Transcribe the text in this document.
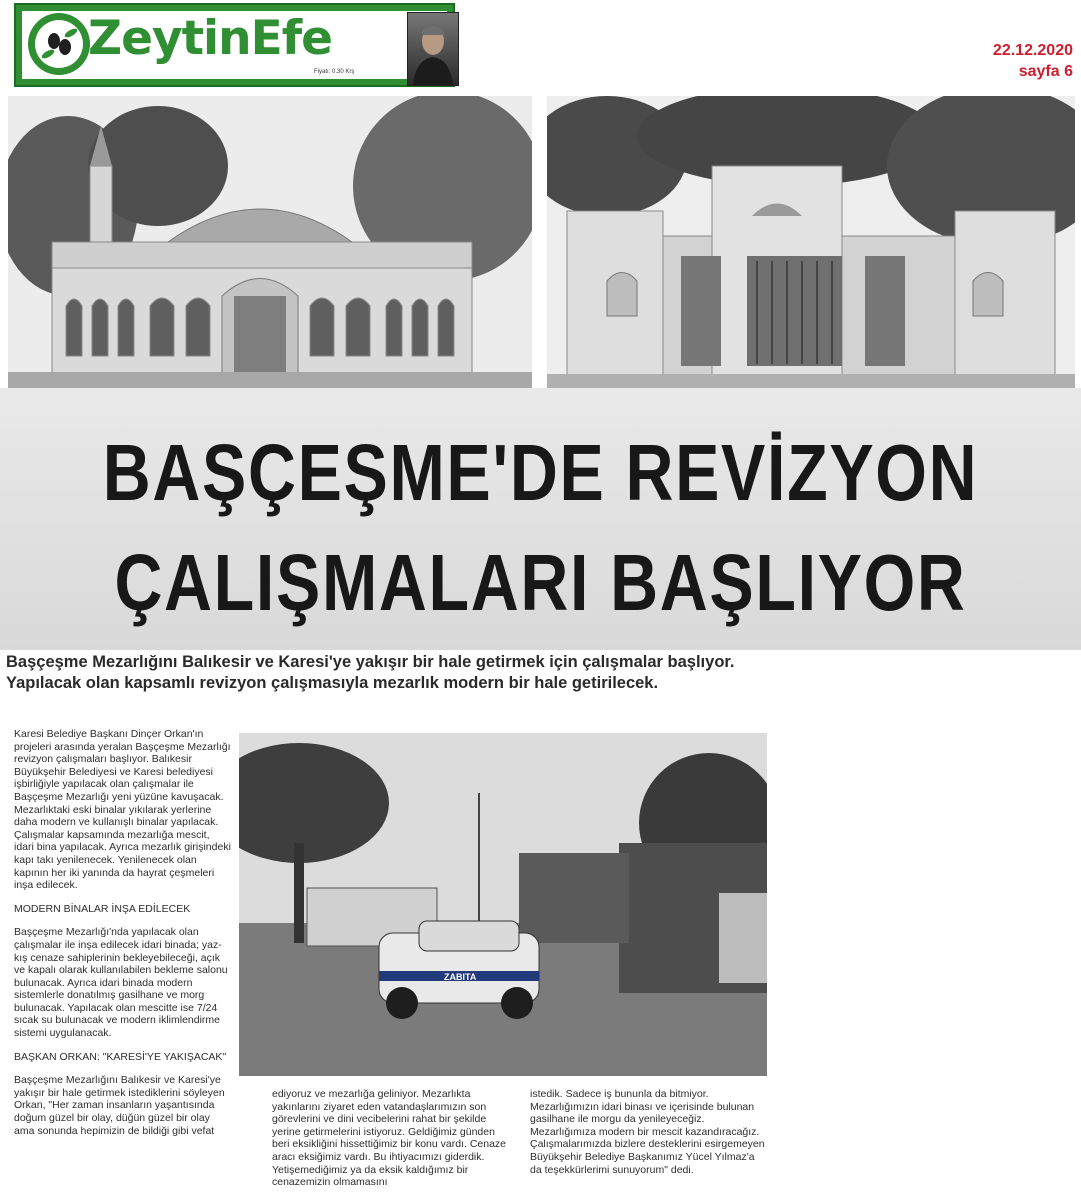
ZeytinEfe
Fiyatı: 0.30 Krş
22.12.2020
sayfa 6
BAŞÇEŞME'DE REVİZYON
ÇALIŞMALARI BAŞLIYOR
Başçeşme Mezarlığını Balıkesir ve Karesi'ye yakışır bir hale getirmek için çalışmalar başlıyor. Yapılacak olan kapsamlı revizyon çalışmasıyla mezarlık modern bir hale getirilecek.

Karesi Belediye Başkanı Dinçer Orkan'ın projeleri arasında yeralan Başçeşme Mezarlığı revizyon çalışmaları başlıyor. Balıkesir Büyükşehir Belediyesi ve Karesi belediyesi işbirliğiyle yapılacak olan çalışmalar ile Başçeşme Mezarlığı yeni yüzüne kavuşacak. Mezarlıktaki eski binalar yıkılarak yerlerine daha modern ve kullanışlı binalar yapılacak. Çalışmalar kapsamında mezarlığa mescit, idari bina yapılacak. Ayrıca mezarlık girişindeki kapı takı yenilenecek. Yenilenecek olan kapının her iki yanında da hayrat çeşmeleri inşa edilecek.

MODERN BİNALAR İNŞA EDİLECEK

Başçeşme Mezarlığı'nda yapılacak olan çalışmalar ile inşa edilecek idari binada; yaz-kış cenaze sahiplerinin bekleyebileceği, açık ve kapalı olarak kullanılabilen bekleme salonu bulunacak. Ayrıca idari binada modern sistemlerle donatılmış gasilhane ve morg bulunacak. Yapılacak olan mescitte ise 7/24 sıcak su bulunacak ve modern iklimlendirme sistemi uygulanacak.

BAŞKAN ORKAN: "KARESİ'YE YAKIŞACAK"

Başçeşme Mezarlığını Balıkesir ve Karesi'ye yakışır bir hale getirmek istediklerini söyleyen Orkan, "Her zaman insanların yaşantısında doğum güzel bir olay, düğün güzel bir olay ama sonunda hepimizin de bildiği gibi vefat

ZABITA

ediyoruz ve mezarlığa geliniyor. Mezarlıkta yakınlarını ziyaret eden vatandaşlarımızın son görevlerini ve dini vecibelerini rahat bir şekilde yerine getirmelerini istiyoruz. Geldiğimiz günden beri eksikliğini hissettiğimiz bir konu vardı. Cenaze aracı eksiğimiz vardı. Bu ihtiyacımızı giderdik. Yetişemediğimiz ya da eksik kaldığımız bir cenazemizin olmamasını

istedik. Sadece iş bununla da bitmiyor. Mezarlığımızın idari binası ve içerisinde bulunan gasilhane ile morgu da yenileyeceğiz. Mezarlığımıza modern bir mescit kazandıracağız. Çalışmalarımızda bizlere desteklerini esirgemeyen Büyükşehir Belediye Başkanımız Yücel Yılmaz'a da teşekkürlerimi sunuyorum" dedi.
